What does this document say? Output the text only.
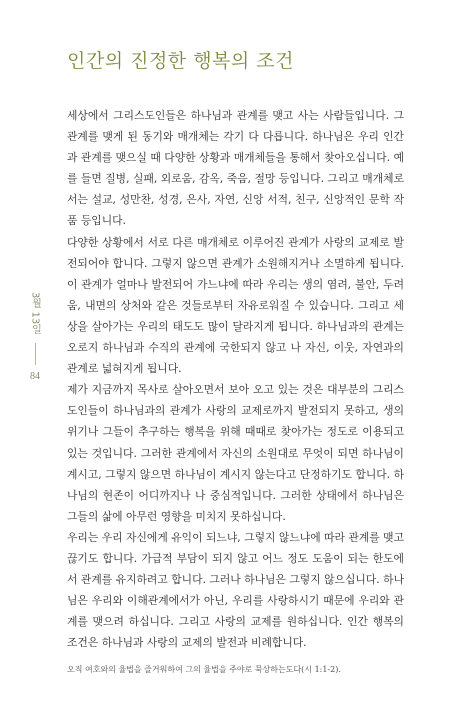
인간의 진정한 행복의 조건
3월 13일
84

세상에서 그리스도인들은 하나님과 관계를 맺고 사는 사람들입니다. 그 관계를 맺게 된 동기와 매개체는 각기 다 다릅니다. 하나님은 우리 인간과 관계를 맺으실 때 다양한 상황과 매개체들을 통해서 찾아오십니다. 예를 들면 질병, 실패, 외로움, 감옥, 죽음, 절망 등입니다. 그리고 매개체로서는 설교, 성만찬, 성경, 은사, 자연, 신앙 서적, 친구, 신앙적인 문학 작품 등입니다.

다양한 상황에서 서로 다른 매개체로 이루어진 관계가 사랑의 교제로 발전되어야 합니다. 그렇지 않으면 관계가 소원해지거나 소멸하게 됩니다. 이 관계가 얼마나 발전되어 가느냐에 따라 우리는 생의 염려, 불안, 두려움, 내면의 상처와 같은 것들로부터 자유로워질 수 있습니다. 그리고 세상을 살아가는 우리의 태도도 많이 달라지게 됩니다. 하나님과의 관계는 오로지 하나님과 수직의 관계에 국한되지 않고 나 자신, 이웃, 자연과의 관계로 넓혀지게 됩니다.

제가 지금까지 목사로 살아오면서 보아 오고 있는 것은 대부분의 그리스도인들이 하나님과의 관계가 사랑의 교제로까지 발전되지 못하고, 생의 위기나 그들이 추구하는 행복을 위해 때때로 찾아가는 정도로 이용되고 있는 것입니다. 그러한 관계에서 자신의 소원대로 무엇이 되면 하나님이 계시고, 그렇지 않으면 하나님이 계시지 않는다고 단정하기도 합니다. 하나님의 현존이 어디까지나 나 중심적입니다. 그러한 상태에서 하나님은 그들의 삶에 아무런 영향을 미치지 못하십니다.

우리는 우리 자신에게 유익이 되느냐, 그렇지 않느냐에 따라 관계를 맺고 끊기도 합니다. 가급적 부담이 되지 않고 어느 정도 도움이 되는 한도에서 관계를 유지하려고 합니다. 그러나 하나님은 그렇지 않으십니다. 하나님은 우리와 이해관계에서가 아닌, 우리를 사랑하시기 때문에 우리와 관계를 맺으려 하십니다. 그리고 사랑의 교제를 원하십니다. 인간 행복의 조건은 하나님과 사랑의 교제의 발전과 비례합니다.

오직 여호와의 율법을 즐거워하여 그의 율법을 주야로 묵상하는도다(시 1:1-2).
